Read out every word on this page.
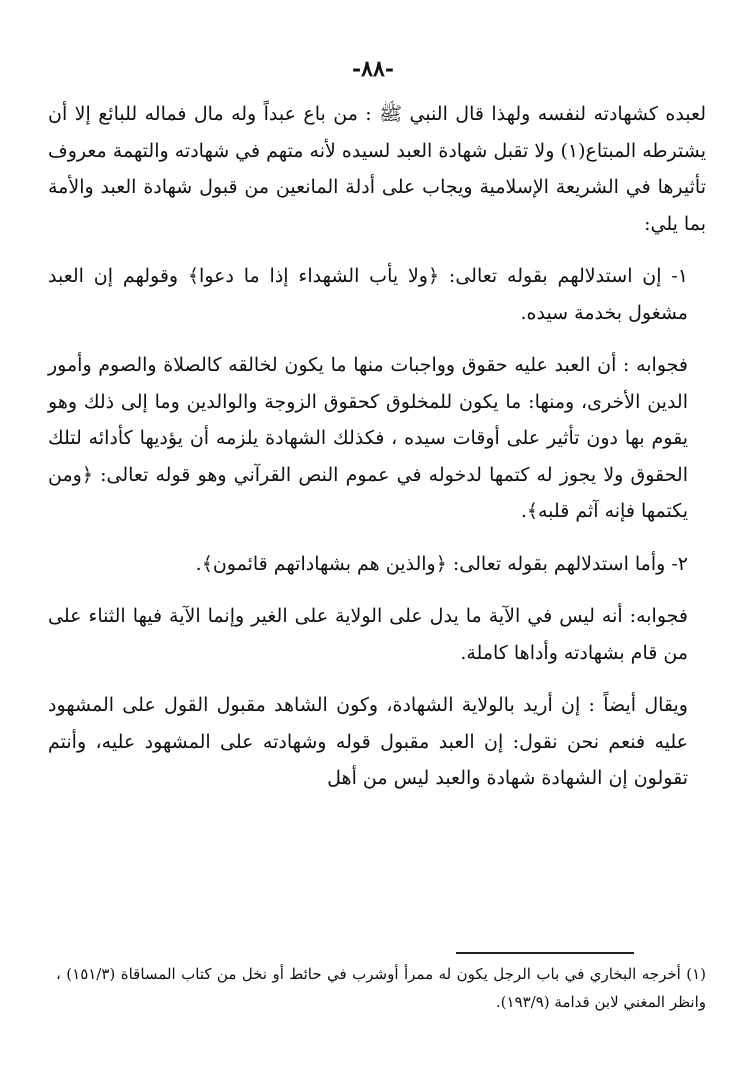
-٨٨-

لعبده كشهادته لنفسه ولهذا قال النبي ﷺ : من باع عبداً وله مال فماله للبائع إلا أن يشترطه المبتاع(١) ولا تقبل شهادة العبد لسيده لأنه متهم في شهادته والتهمة معروف تأثيرها في الشريعة الإسلامية ويجاب على أدلة المانعين من قبول شهادة العبد والأمة بما يلي:

١- إن استدلالهم بقوله تعالى: ﴿ولا يأب الشهداء إذا ما دعوا﴾ وقولهم إن العبد مشغول بخدمة سيده.

فجوابه : أن العبد عليه حقوق وواجبات منها ما يكون لخالقه كالصلاة والصوم وأمور الدين الأخرى، ومنها: ما يكون للمخلوق كحقوق الزوجة والوالدين وما إلى ذلك وهو يقوم بها دون تأثير على أوقات سيده ، فكذلك الشهادة يلزمه أن يؤديها كأدائه لتلك الحقوق ولا يجوز له كتمها لدخوله في عموم النص القرآني وهو قوله تعالى: ﴿ومن يكتمها فإنه آثم قلبه﴾.

٢- وأما استدلالهم بقوله تعالى: ﴿والذين هم بشهاداتهم قائمون﴾.

فجوابه: أنه ليس في الآية ما يدل على الولاية على الغير وإنما الآية فيها الثناء على من قام بشهادته وأداها كاملة.

ويقال أيضاً : إن أريد بالولاية الشهادة، وكون الشاهد مقبول القول على المشهود عليه فنعم نحن نقول: إن العبد مقبول قوله وشهادته على المشهود عليه، وأنتم تقولون إن الشهادة شهادة والعبد ليس من أهل

(١) أخرجه البخاري في باب الرجل يكون له ممرأ أوشرب في حائط أو نخل من كتاب المساقاة (١٥١/٣) ، وانظر المغني لابن قدامة (١٩٣/٩).
